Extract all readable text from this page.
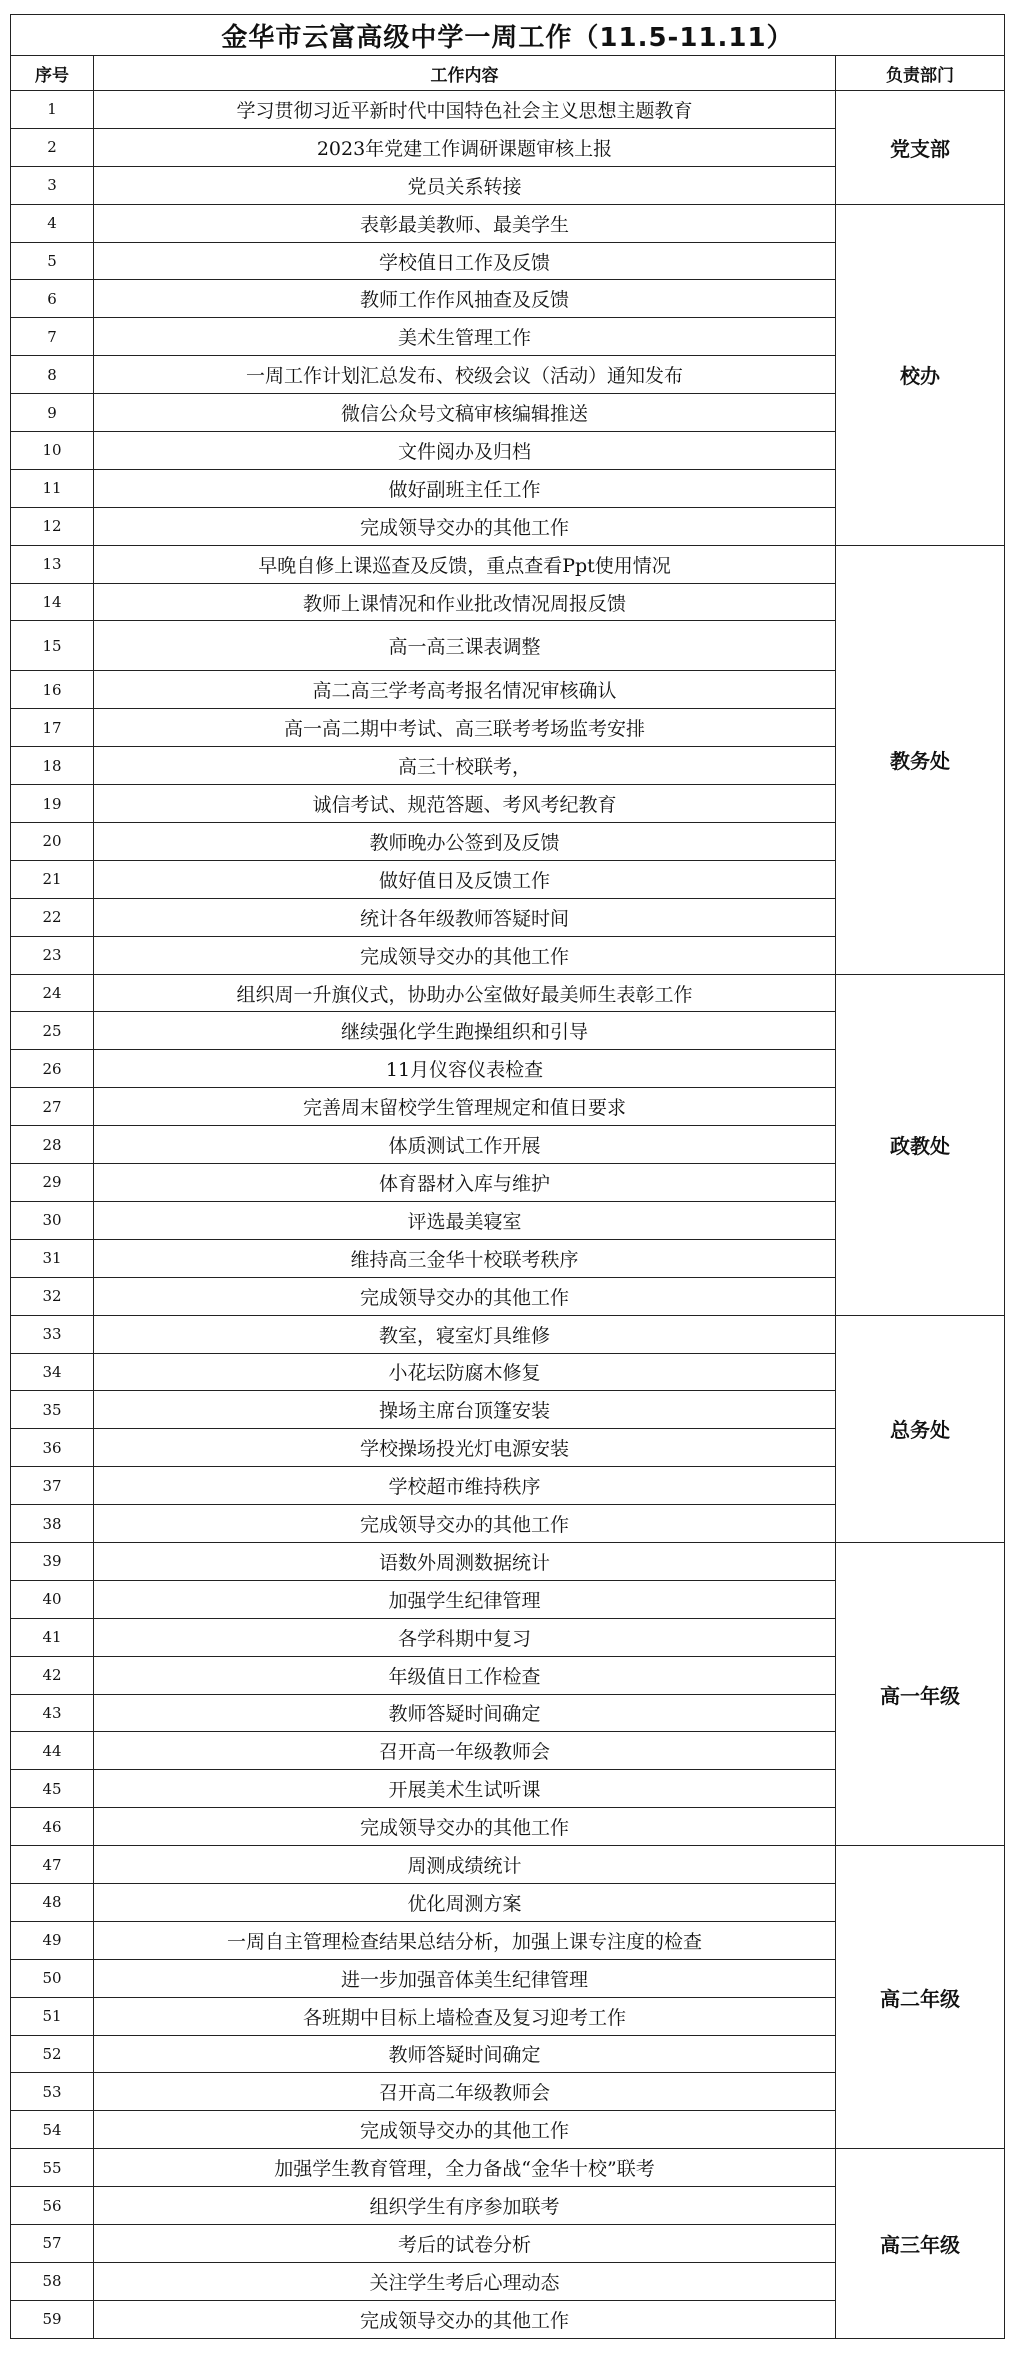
金华市云富高级中学一周工作（11.5-11.11）		
序号	工作内容	负责部门
1	学习贯彻习近平新时代中国特色社会主义思想主题教育	党支部
2	2023年党建工作调研课题审核上报	
3	党员关系转接	
4	表彰最美教师、最美学生	校办
5	学校值日工作及反馈	
6	教师工作作风抽查及反馈	
7	美术生管理工作	
8	一周工作计划汇总发布、校级会议（活动）通知发布	
9	微信公众号文稿审核编辑推送	
10	文件阅办及归档	
11	做好副班主任工作	
12	完成领导交办的其他工作	
13	早晚自修上课巡查及反馈，重点查看Ppt使用情况	教务处
14	教师上课情况和作业批改情况周报反馈	
15	高一高三课表调整	
16	高二高三学考高考报名情况审核确认	
17	高一高二期中考试、高三联考考场监考安排	
18	高三十校联考，	
19	诚信考试、规范答题、考风考纪教育	
20	教师晚办公签到及反馈	
21	做好值日及反馈工作	
22	统计各年级教师答疑时间	
23	完成领导交办的其他工作	
24	组织周一升旗仪式，协助办公室做好最美师生表彰工作	政教处
25	继续强化学生跑操组织和引导	
26	11月仪容仪表检查	
27	完善周末留校学生管理规定和值日要求	
28	体质测试工作开展	
29	体育器材入库与维护	
30	评选最美寝室	
31	维持高三金华十校联考秩序	
32	完成领导交办的其他工作	
33	教室，寝室灯具维修	总务处
34	小花坛防腐木修复	
35	操场主席台顶篷安装	
36	学校操场投光灯电源安装	
37	学校超市维持秩序	
38	完成领导交办的其他工作	
39	语数外周测数据统计	高一年级
40	加强学生纪律管理	
41	各学科期中复习	
42	年级值日工作检查	
43	教师答疑时间确定	
44	召开高一年级教师会	
45	开展美术生试听课	
46	完成领导交办的其他工作	
47	周测成绩统计	高二年级
48	优化周测方案	
49	一周自主管理检查结果总结分析，加强上课专注度的检查	
50	进一步加强音体美生纪律管理	
51	各班期中目标上墙检查及复习迎考工作	
52	教师答疑时间确定	
53	召开高二年级教师会	
54	完成领导交办的其他工作	
55	加强学生教育管理，全力备战“金华十校”联考	高三年级
56	组织学生有序参加联考	
57	考后的试卷分析	
58	关注学生考后心理动态	
59	完成领导交办的其他工作	
